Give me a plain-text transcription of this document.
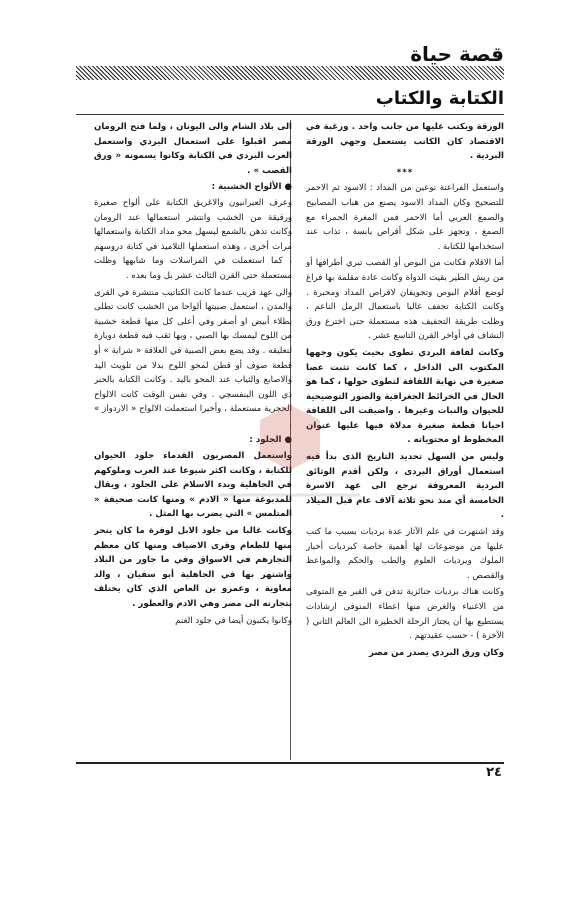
قصة حياة
الكتابة والكتاب

الورقة ويكتب عليها من جانب واحد . ورغبة في الاقتصاد كان الكاتب يستعمل وجهي الورقة البردية .

***

واستعمل الفراعنة نوعين من المداد : الاسود ثم الاحمر للتصحيح وكان المداد الاسود يصنع من هباب المصابيح والصمغ العربي أما الاحمر فمن المغرة الحمراء مع الصمغ ، وتجهز على شكل أقراص يابسة ، تذاب عند استخدامها للكتابة .

أما الاقلام فكانت من البوص أو القصب تبري أطرافها أو من ريش الطير بقيت الدواة وكانت عادة مقلمة بها فراغ لوضع أقلام البوص وتجويفان لاقراص المداد ومحبرة . وكانت الكتابة تجفف غالبا باستعمال الرمل الناعم ، وظلت طريقة التجفيف هذه مستعملة حتى اخترع ورق النشاف في أواخر القرن التاسع عشر .

وكانت لفافة البردي تطوى بحيث يكون وجهها المكتوب الى الداخل ، كما كانت تثبت عصا صغيرة في نهاية اللفافة لتطوى حولها ، كما هو الحال في الخرائط الجغرافية والصور التوضيحية للحيوان والنبات وغيرها . واضيفت الى اللفافة احيانا قطعة صغيرة مدلاة فيها عليها عنوان المخطوط او محتوياته .

وليس من السهل تحديد التاريخ الذى بدأ فيه استعمال أوراق البردى ، ولكن أقدم الوثائق البردية المعروفة ترجع الى عهد الاسرة الخامسة أي منذ نحو ثلاثة آلاف عام قبل الميلاد .

وقد اشتهرت في علم الآثار عدة برديات بسبب ما كتب عليها من موضوعات لها أهمية خاصة كبرديات أخبار الملوك وبرديات العلوم والطب والحكم والمواعظ والقصص .

وكانت هناك برديات جنائزية تدفن في القبر مع المتوفى من الاغنياء والغرض منها اعطاء المتوفى ارشادات يستطيع بها أن يجتاز الرحلة الخطيرة الى العالم الثاني ( الآخرة ) - حسب عقيدتهم .

وكان ورق البردي يصدر من مصر

الى بلاد الشام والى اليونان ، ولما فتح الرومان مصر اقبلوا على استعمال البردي واستعمل العرب البردي في الكتابة وكانوا يسمونه « ورق القصب » .

● الألواح الخشبية :

وعرف العبرانيون والاغريق الكتابة على ألواح صغيرة ورقيقة من الخشب وانتشر استعمالها عند الرومان وكانت تدهن بالشمع ليسهل محو مداد الكتابة واستعمالها مرات أخرى ، وهذه استعملها التلاميذ في كتابة دروسهم ، كما استعملت في المراسلات وما شابهها وظلت مستعملة حتى القرن الثالث عشر بل وما بعده .

والى عهد قريب عندما كانت الكتاتيب منتشرة في القرى والمدن ، استعمل صبيتها ألواحا من الخشب كانت تطلى بطلاء أبيض او أصفر وفي أعلى كل منها قطعة خشبية من اللوح ليمسك بها الصبي ، وبها ثقب فيه قطعة دوبارة لتعليقه . وقد يضع بعض الصبية في العلاقة « شراية » أو قطعة صوف أو قطن لمحو اللوح بدلا من تلويث اليد والاصابع والثياب عند المحو باليد . وكانت الكتابة بالحبر ذي اللون البنفسجي . وفي نفس الوقت كانت الالواح الحجرية مستعملة ، وأخيرا استعملت الالواح « الاردواز » .

● الجلود :

واستعمل المصريون القدماء جلود الحيوان للكتابة ، وكانت اكثر شيوعا عند العرب وملوكهم في الجاهلية وبدء الاسلام على الجلود ، ويقال للمدبوغة منها « الادم » ومنها كانت صحيفة « المتلمس » التي يضرب بها المثل .

وكانت غالبا من جلود الابل لوفرة ما كان ينحر منها للطعام وقرى الاضياف ومنها كان معظم التجارهم في الاسواق وفي ما جاور من البلاد واشتهر بها في الجاهلية أبو سفيان ، والد معاوية ، وعمرو بن العاص الذي كان يختلف بتجارته الى مصر وهي الادم والعطور .

وكانوا يكتبون أيضا في جلود الغنم

٢٤
